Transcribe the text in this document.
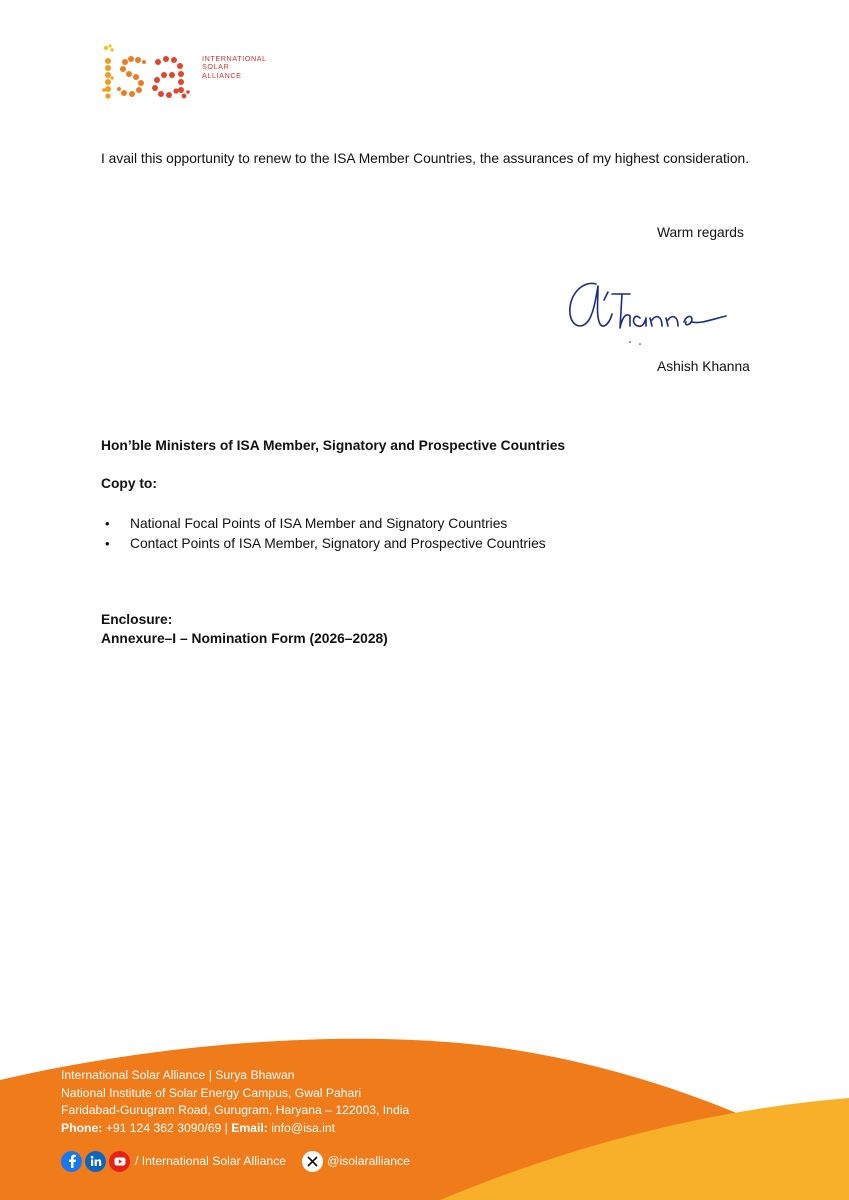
INTERNATIONAL
SOLAR
ALLIANCE
I avail this opportunity to renew to the ISA Member Countries, the assurances of my highest consideration.
Warm regards
Ashish Khanna
Hon’ble Ministers of ISA Member, Signatory and Prospective Countries
Copy to:
• National Focal Points of ISA Member and Signatory Countries
• Contact Points of ISA Member, Signatory and Prospective Countries
Enclosure:
Annexure–I – Nomination Form (2026–2028)
International Solar Alliance | Surya Bhawan
National Institute of Solar Energy Campus, Gwal Pahari
Faridabad-Gurugram Road, Gurugram, Haryana – 122003, India
Phone: +91 124 362 3090/69 | Email: info@isa.int
/ International Solar Alliance	@isolaralliance
